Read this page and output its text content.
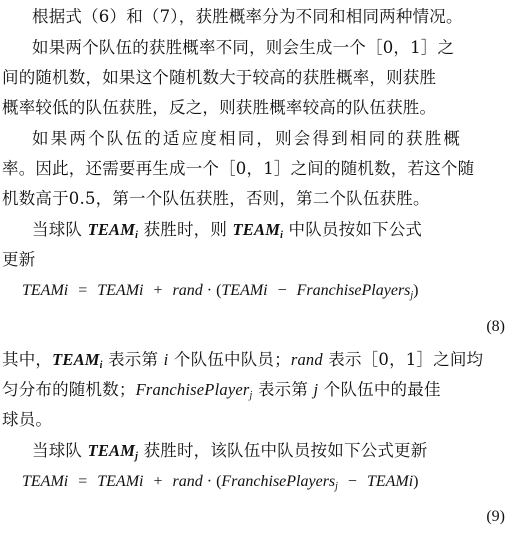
根据式（6）和（7），获胜概率分为不同和相同两种情况。
如果两个队伍的获胜概率不同，则会生成一个［0，1］之
间的随机数，如果这个随机数大于较高的获胜概率，则获胜
概率较低的队伍获胜，反之，则获胜概率较高的队伍获胜。
如果两个队伍的适应度相同，则会得到相同的获胜概
率。因此，还需要再生成一个［0，1］之间的随机数，若这个随
机数高于0.5，第一个队伍获胜，否则，第二个队伍获胜。
当球队 $TEAM_i$ 获胜时，则 $TEAM_i$ 中队员按如下公式
更新
TEAMi = TEAMi + rand · (TEAMi − FranchisePlayers$_j$)
(8)
其中，$TEAM_i$ 表示第 i 个队伍中队员；rand 表示［0，1］之间均
匀分布的随机数；FranchisePlayer$_j$ 表示第 j 个队伍中的最佳
球员。
当球队 $TEAM_j$ 获胜时，该队伍中队员按如下公式更新
TEAMi = TEAMi + rand · (FranchisePlayers$_j$ − TEAMi)
(9)
